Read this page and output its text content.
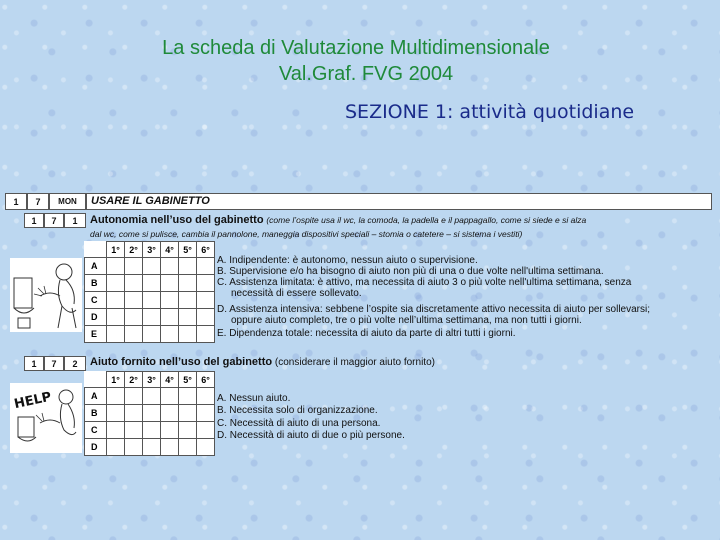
La scheda di Valutazione Multidimensionale
Val.Graf. FVG 2004
SEZIONE 1: attività quotidiane
1	7	MON	USARE IL GABINETTO
1	7	1	Autonomia nell’uso del gabinetto (come l’ospite usa il wc, la comoda, la padella e il pappagallo, come si siede e si alza
dal wc, come si pulisce, cambia il pannolone, maneggia dispositivi speciali – stomia o catetere – si sistema i vestiti)
	1°	2°	3°	4°	5°	6°
A						
B						
C						
D						
E						
A. Indipendente: è autonomo, nessun aiuto o supervisione.
B. Supervisione e/o ha bisogno di aiuto non più di una o due volte nell'ultima settimana.
C. Assistenza limitata: è attivo, ma necessita di aiuto 3 o più volte nell'ultima settimana, senza
necessità di essere sollevato.
D. Assistenza intensiva: sebbene l’ospite sia discretamente attivo necessita di aiuto per sollevarsi;
oppure aiuto completo, tre o più volte nell’ultima settimana, ma non tutti i giorni.
E. Dipendenza totale: necessita di aiuto da parte di altri tutti i giorni.
1	7	2	Aiuto fornito nell’uso del gabinetto (considerare il maggior aiuto fornito)
HELP
	1°	2°	3°	4°	5°	6°
A						
B						
C						
D						
A. Nessun aiuto.
B. Necessita solo di organizzazione.
C. Necessità di aiuto di una persona.
D. Necessità di aiuto di due o più persone.
